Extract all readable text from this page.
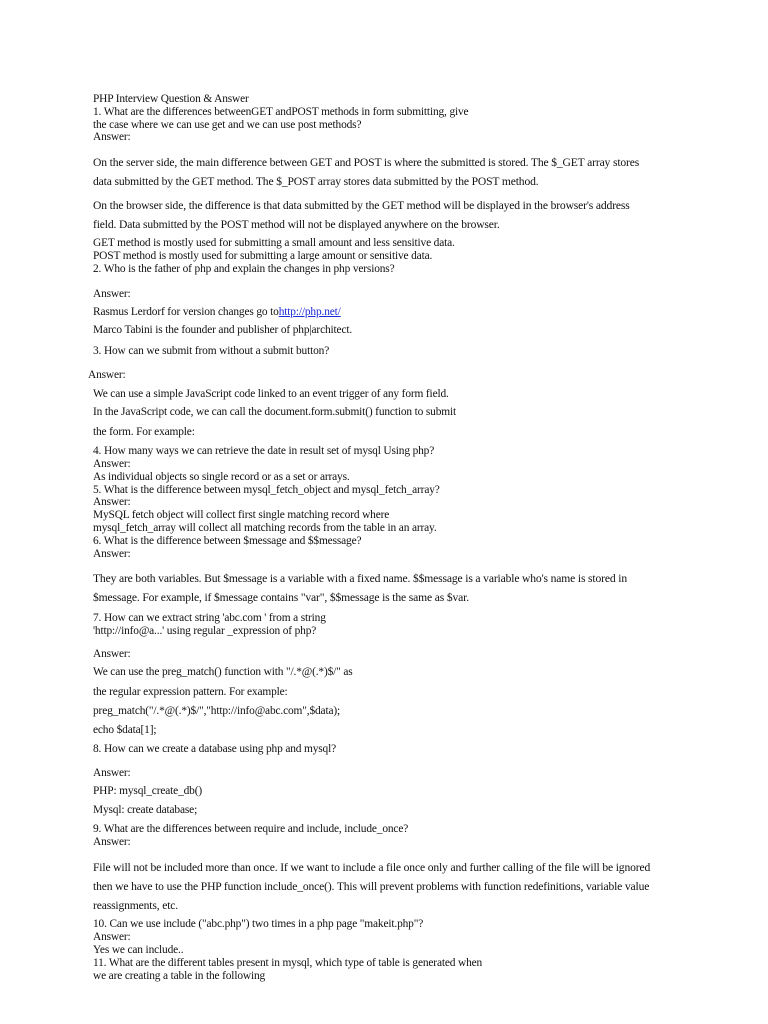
PHP Interview Question & Answer
1. What are the differences betweenGET andPOST methods in form submitting, give
the case where we can use get and we can use post methods?
Answer:
On the server side, the main difference between GET and POST is where the submitted is stored. The $_GET array stores
data submitted by the GET method. The $_POST array stores data submitted by the POST method.
On the browser side, the difference is that data submitted by the GET method will be displayed in the browser's address
field. Data submitted by the POST method will not be displayed anywhere on the browser.
GET method is mostly used for submitting a small amount and less sensitive data.
POST method is mostly used for submitting a large amount or sensitive data.
2. Who is the father of php and explain the changes in php versions?
Answer:
Rasmus Lerdorf for version changes go tohttp://php.net/
Marco Tabini is the founder and publisher of php|architect.
3. How can we submit from without a submit button?
Answer:
We can use a simple JavaScript code linked to an event trigger of any form field.
In the JavaScript code, we can call the document.form.submit() function to submit
the form. For example:
4. How many ways we can retrieve the date in result set of mysql Using php?
Answer:
As individual objects so single record or as a set or arrays.
5. What is the difference between mysql_fetch_object and mysql_fetch_array?
Answer:
MySQL fetch object will collect first single matching record where
mysql_fetch_array will collect all matching records from the table in an array.
6. What is the difference between $message and $$message?
Answer:
They are both variables. But $message is a variable with a fixed name. $$message is a variable who's name is stored in
$message. For example, if $message contains "var", $$message is the same as $var.
7. How can we extract string 'abc.com ' from a string
'http://info@a...' using regular _expression of php?
Answer:
We can use the preg_match() function with "/.*@(.*)$/" as
the regular expression pattern. For example:
preg_match("/.*@(.*)$/","http://info@abc.com",$data);
echo $data[1];
8. How can we create a database using php and mysql?
Answer:
PHP: mysql_create_db()
Mysql: create database;
9. What are the differences between require and include, include_once?
Answer:
File will not be included more than once. If we want to include a file once only and further calling of the file will be ignored
then we have to use the PHP function include_once(). This will prevent problems with function redefinitions, variable value
reassignments, etc.
10. Can we use include ("abc.php") two times in a php page "makeit.php"?
Answer:
Yes we can include..
11. What are the different tables present in mysql, which type of table is generated when
we are creating a table in the following
